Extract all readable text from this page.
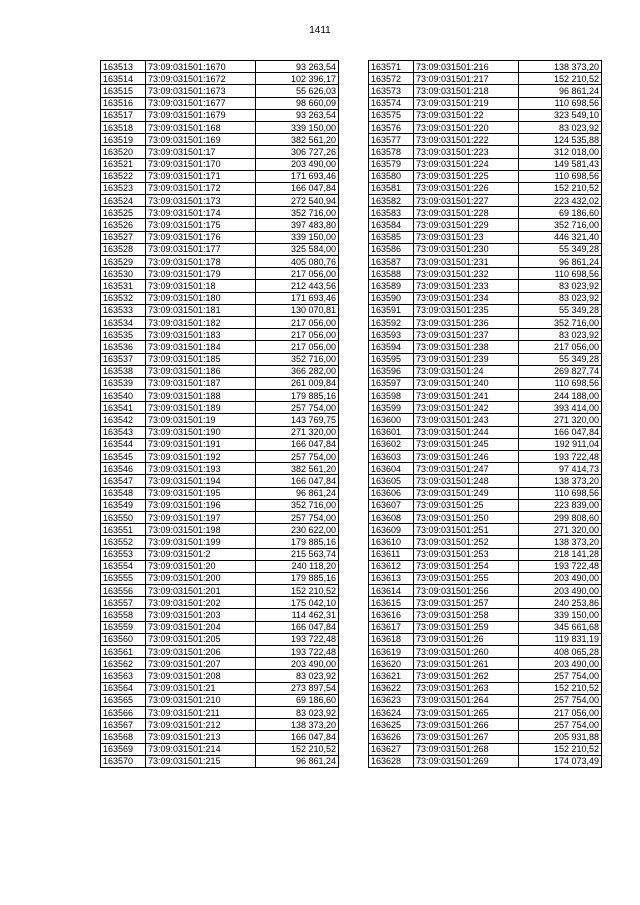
1411
163513	73:09:031501:1670	93 263,54
163514	73:09:031501:1672	102 396,17
163515	73:09:031501:1673	55 626,03
163516	73:09:031501:1677	98 660,09
163517	73:09:031501:1679	93 263,54
163518	73:09:031501:168	339 150,00
163519	73:09:031501:169	382 561,20
163520	73:09:031501:17	306 727,26
163521	73:09:031501:170	203 490,00
163522	73:09:031501:171	171 693,46
163523	73:09:031501:172	166 047,84
163524	73:09:031501:173	272 540,94
163525	73:09:031501:174	352 716,00
163526	73:09:031501:175	397 483,80
163527	73:09:031501:176	339 150,00
163528	73:09:031501:177	325 584,00
163529	73:09:031501:178	405 080,76
163530	73:09:031501:179	217 056,00
163531	73:09:031501:18	212 443,56
163532	73:09:031501:180	171 693,46
163533	73:09:031501:181	130 070,81
163534	73:09:031501:182	217 056,00
163535	73:09:031501:183	217 056,00
163536	73:09:031501:184	217 056,00
163537	73:09:031501:185	352 716,00
163538	73:09:031501:186	366 282,00
163539	73:09:031501:187	261 009,84
163540	73:09:031501:188	179 885,16
163541	73:09:031501:189	257 754,00
163542	73:09:031501:19	143 769,75
163543	73:09:031501:190	271 320,00
163544	73:09:031501:191	166 047,84
163545	73:09:031501:192	257 754,00
163546	73:09:031501:193	382 561,20
163547	73:09:031501:194	166 047,84
163548	73:09:031501:195	96 861,24
163549	73:09:031501:196	352 716,00
163550	73:09:031501:197	257 754,00
163551	73:09:031501:198	230 622,00
163552	73:09:031501:199	179 885,16
163553	73:09:031501:2	215 563,74
163554	73:09:031501:20	240 118,20
163555	73:09:031501:200	179 885,16
163556	73:09:031501:201	152 210,52
163557	73:09:031501:202	175 042,10
163558	73:09:031501:203	114 462,31
163559	73:09:031501:204	166 047,84
163560	73:09:031501:205	193 722,48
163561	73:09:031501:206	193 722,48
163562	73:09:031501:207	203 490,00
163563	73:09:031501:208	83 023,92
163564	73:09:031501:21	273 897,54
163565	73:09:031501:210	69 186,60
163566	73:09:031501:211	83 023,92
163567	73:09:031501:212	138 373,20
163568	73:09:031501:213	166 047,84
163569	73:09:031501:214	152 210,52
163570	73:09:031501:215	96 861,24
163571	73:09:031501:216	138 373,20
163572	73:09:031501:217	152 210,52
163573	73:09:031501:218	96 861,24
163574	73:09:031501:219	110 698,56
163575	73:09:031501:22	323 549,10
163576	73:09:031501:220	83 023,92
163577	73:09:031501:222	124 535,88
163578	73:09:031501:223	312 018,00
163579	73:09:031501:224	149 581,43
163580	73:09:031501:225	110 698,56
163581	73:09:031501:226	152 210,52
163582	73:09:031501:227	223 432,02
163583	73:09:031501:228	69 186,60
163584	73:09:031501:229	352 716,00
163585	73:09:031501:23	446 321,40
163586	73:09:031501:230	55 349,28
163587	73:09:031501:231	96 861,24
163588	73:09:031501:232	110 698,56
163589	73:09:031501:233	83 023,92
163590	73:09:031501:234	83 023,92
163591	73:09:031501:235	55 349,28
163592	73:09:031501:236	352 716,00
163593	73:09:031501:237	83 023,92
163594	73:09:031501:238	217 056,00
163595	73:09:031501:239	55 349,28
163596	73:09:031501:24	269 827,74
163597	73:09:031501:240	110 698,56
163598	73:09:031501:241	244 188,00
163599	73:09:031501:242	393 414,00
163600	73:09:031501:243	271 320,00
163601	73:09:031501:244	166 047,84
163602	73:09:031501:245	192 911,04
163603	73:09:031501:246	193 722,48
163604	73:09:031501:247	97 414,73
163605	73:09:031501:248	138 373,20
163606	73:09:031501:249	110 698,56
163607	73:09:031501:25	223 839,00
163608	73:09:031501:250	299 808,60
163609	73:09:031501:251	271 320,00
163610	73:09:031501:252	138 373,20
163611	73:09:031501:253	218 141,28
163612	73:09:031501:254	193 722,48
163613	73:09:031501:255	203 490,00
163614	73:09:031501:256	203 490,00
163615	73:09:031501:257	240 253,86
163616	73:09:031501:258	339 150,00
163617	73:09:031501:259	345 661,68
163618	73:09:031501:26	119 831,19
163619	73:09:031501:260	408 065,28
163620	73:09:031501:261	203 490,00
163621	73:09:031501:262	257 754,00
163622	73:09:031501:263	152 210,52
163623	73:09:031501:264	257 754,00
163624	73:09:031501:265	217 056,00
163625	73:09:031501:266	257 754,00
163626	73:09:031501:267	205 931,88
163627	73:09:031501:268	152 210,52
163628	73:09:031501:269	174 073,49
